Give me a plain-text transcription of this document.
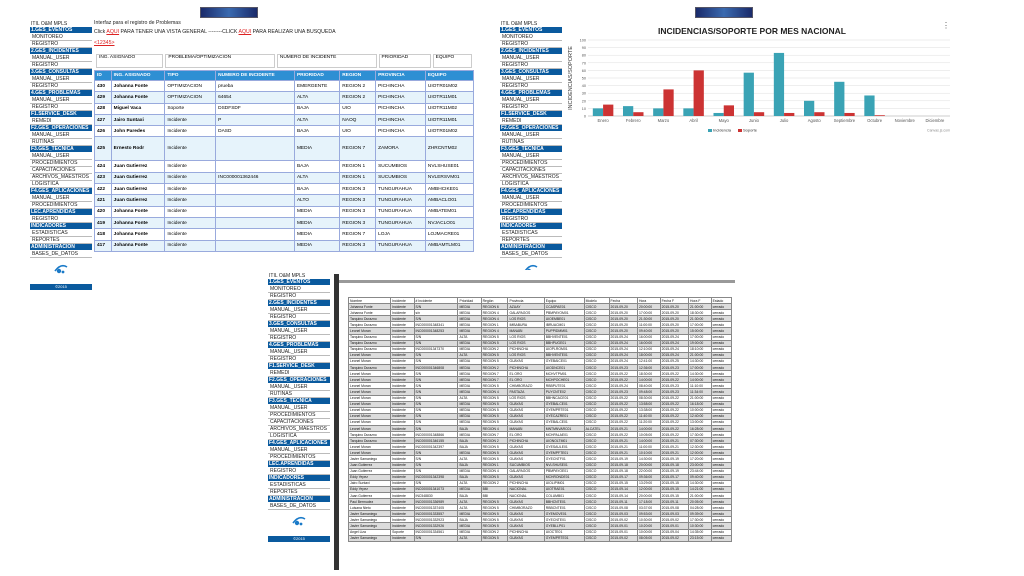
ITIL O&M MPLS
1.GES_EVENTOS
MONITOREO
REGISTRO
2.GES_INCIDENTES
MANUAL_USER
REGISTRO
3.GES_CONSULTAS
MANUAL_USER
REGISTRO
4.GES_PROBLEMAS
MANUAL_USER
REGISTRO
F1.SERVICE_DESK
REMEDI
F2.GES_OPERACIONES
MANUAL_USER
RUTINAS
F3.GES_TECNICA
MANUAL_USER
PROCEDIMIENTOS
CAPACITACIONES
ARCHIVOS_MAESTROS
LOGISTICA
F4.GES_APLICACIONES
MANUAL_USER
PROCEDIMIENTOS
LEC.APRENDIDAS
REGISTRO
INDICADORES
ESTADISTICAS
REPORTES
ADMINISTRACION
BASES_DE_DATOS
©2015
Interfaz para el registro de Problemas
Click AQUI PARA TENER UNA VISTA GENERAL --------CLICK AQUI PARA REALIZAR UNA BUSQUEDA
<12345>
ING. ASIGNADO	PROBLEMA/OPTIMIZACION	NUMERO DE INCIDENTE	PRIORIDAD	EQUIPO
ID	ING. ASIGNADO	TIPO	NUMERO DE INCIDENTE	PRIORIDAD	REGION	PROVINCIA	EQUIPO
430	Johanna Fonte	OPTIMIZACION	prueba	EMERGENTE	REGION 2	PICHINCHA	UIOTR01M02
429	Johanna Fonte	OPTIMIZACION	64654	ALTA	REGION 2	PICHINCHA	UIOTR11M01
428	Miguel Vaca	Soporte	DSDFSDF	BAJA	UIO	PICHINCHA	UIOTR11M02
427	Jairo Suntaxi	Incidente	P	ALTA	NAOQ	PICHINCHA	UIOTR11M01
426	John Paredes	Incidente	DASD	BAJA	UIO	PICHINCHA	UIOTR01M02
425	Ernesto Rodr	Incidente		MEDIA	REGION 7	ZAMORA	ZHRCNTM02
424	Juan Gutierrez	Incidente		BAJA	REGION 1	SUCUMBIOS	NVLSHUSE01
423	Juan Gutierrez	Incidente	INC000001362446	ALTA	REGION 1	SUCUMBIOS	NVLERSVM01
422	Juan Gutierrez	Incidente		BAJA	REGION 3	TUNGURAHUA	AMBHCIKE01
421	Juan Gutierrez	Incidente		ALTO	REGION 3	TUNGURAHUA	AMBACLO01
420	Johanna Fonte	Incidente		MEDIA	REGION 3	TUNGURAHUA	AMBATEM01
419	Johanna Fonte	Incidente		MEDIA	REGION 3	TUNGURAHUA	NVJACLO01
418	Johanna Fonte	Incidente		MEDIA	REGION 7	LOJA	LOJMACRE01
417	Johanna Fonte	Incidente		MEDIA	REGION 3	TUNGURAHUA	AMBAMTLM01
ITIL O&M MPLS
1.GES_EVENTOS
MONITOREO
REGISTRO
2.GES_INCIDENTES
MANUAL_USER
REGISTRO
3.GES_CONSULTAS
MANUAL_USER
REGISTRO
4.GES_PROBLEMAS
MANUAL_USER
REGISTRO
F1.SERVICE_DESK
REMEDI
F2.GES_OPERACIONES
MANUAL_USER
RUTINAS
F3.GES_TECNICA
MANUAL_USER
PROCEDIMIENTOS
CAPACITACIONES
ARCHIVOS_MAESTROS
LOGISTICA
F4.GES_APLICACIONES
MANUAL_USER
PROCEDIMIENTOS
LEC.APRENDIDAS
REGISTRO
INDICADORES
ESTADISTICAS
REPORTES
ADMINISTRACION
BASES_DE_DATOS
INCIDENCIAS/SOPORTE POR MES NACIONAL
⋮
INCIDENCIAS/SOPORTE
0
10
20
30
40
50
60
70
80
90
100
Enero	Febrero	Marzo	Abril	Mayo	Junio	Julio	Agosto	Septiembre	Octubre	Noviembre	Diciembre
Incidencia	Soporte	Canvas.js.com
ITIL O&M MPLS
1.GES_EVENTOS
MONITOREO
REGISTRO
2.GES_INCIDENTES
MANUAL_USER
REGISTRO
3.GES_CONSULTAS
MANUAL_USER
REGISTRO
4.GES_PROBLEMAS
MANUAL_USER
REGISTRO
F1.SERVICE_DESK
REMEDI
F2.GES_OPERACIONES
MANUAL_USER
RUTINAS
F3.GES_TECNICA
MANUAL_USER
PROCEDIMIENTOS
CAPACITACIONES
ARCHIVOS_MAESTROS
LOGISTICA
F4.GES_APLICACIONES
MANUAL_USER
PROCEDIMIENTOS
LEC.APRENDIDAS
REGISTRO
INDICADORES
ESTADISTICAS
REPORTES
ADMINISTRACION
BASES_DE_DATOS
©2015
Nombre	Incidente	# Incidente	Prioridad	Región	Provincia	Equipo	Modelo	Fecha	Hora	Fecha F	Hora F	Estado
Johanna Fonte	Incidente	S/N	MEDIA	REGION 6	AZUAY	CCASPAE01	CISCO	2015-09-20	20:00:00	2015-09-20	21:00:00	cerrado
Johanna Fonte	Incidente	s/n	MEDIA	REGION 4	GALAPAGOS	PBMPAYOM01	CISCO	2015-09-20	17:00:00	2015-09-20	18:30:00	cerrado
Tarquino Durazno	Incidente	S/N	MEDIA	REGION 4	LOS RIOS	UIOEMBE01	CISCO	2015-09-20	21:30:00	2015-09-20	21:30:00	cerrado
Tarquino Durazno	Incidente	INC000001348341	MEDIA	REGION 1	IMBABURA	IBRUACM01	CISCO	2015-09-20	11:00:00	2015-09-20	17:00:00	cerrado
Leonel Moran	Incidente	INC000001348253	MEDIA	REGION 4	MANABI	PUPPIDMM01	CISCO	2015-09-20	09:40:00	2015-09-20	15:00:00	cerrado
Tarquino Durazno	Incidente	S/N	ALTA	REGION 5	LOS RIOS	BBHVENTE01	CISCO	2015-09-24	16:00:00	2015-09-24	17:00:00	cerrado
Tarquino Durazno	Incidente	S/N	MEDIA	REGION 5	LOS RIOS	BBHPUGE01	CISCO	2015-09-24	16:00:00	2015-09-24	19:00:00	cerrado
Tarquino Durazno	Incidente	INC000001347370	MEDIA	REGION 2	PICHINCHA	UIOPLROM01	CISCO	2015-09-24	12:10:00	2015-09-24	18:10:00	cerrado
Leonel Moran	Incidente	S/N	ALTA	REGION 5	LOS RIOS	BBHVENTE01	CISCO	2015-09-24	18:00:00	2015-09-24	21:00:00	cerrado
Leonel Moran	Incidente	S/N	MEDIA	REGION 5	GUAYAS	GYEBAICE01	CISCO	2015-09-24	12:41:00	2015-09-25	14:30:00	cerrado
Tarquino Durazno	Incidente	INC000001346808	MEDIA	REGION 2	PICHINCHA	UIODNCE01	CISCO	2015-09-23	12:36:00	2015-09-23	17:00:00	cerrado
Leonel Moran	Incidente	S/N	MEDIA	REGION 7	EL ORO	MCHVTPM01	CISCO	2015-09-22	18:30:00	2015-09-22	14:30:00	cerrado
Leonel Moran	Incidente	S/N	MEDIA	REGION 7	EL ORO	MCHPOCHE01	CISCO	2015-09-22	14:00:00	2015-09-22	14:00:00	cerrado
Leonel Moran	Incidente	S/N	MEDIA	REGION 5	CHIMBORAZO	RBBPUTE01	CISCO	2015-09-24	08:40:00	2015-09-23	11:10:00	cerrado
Leonel Moran	Incidente	S/N	MEDIA	REGION 4	PASTAZA	PUYCNTE02	CISCO	2015-09-23	09:48:00	2015-09-23	11:34:00	cerrado
Leonel Moran	Incidente	S/N	ALTA	REGION 5	LOS RIOS	BBHNCACE01	CISCO	2015-09-22	08:30:00	2015-09-22	21:00:00	cerrado
Leonel Moran	Incidente	S/N	MEDIA	REGION 5	GUAYAS	GYEBALCE01	CISCO	2015-09-22	13:58:00	2015-09-22	16:18:00	cerrado
Leonel Moran	Incidente	S/N	MEDIA	REGION 5	GUAYAS	GYEMPRTE01	CISCO	2015-09-22	13:38:00	2015-09-22	10:00:00	cerrado
Leonel Moran	Incidente	S/N	MEDIA	REGION 5	GUAYAS	GYECAZRE01	CISCO	2015-09-22	11:40:00	2015-09-22	12:40:00	cerrado
Leonel Moran	Incidente	S/N	MEDIA	REGION 5	GUAYAS	GYEBALCE01	CISCO	2015-09-22	11:20:00	2015-09-22	13:00:00	cerrado
Leonel Moran	Incidente	S/N	BAJA	REGION 4	MANABI	MNTMNVARC01	ALCATEL	2015-09-21	14:00:00	2015-09-22	16:28:00	cerrado
Tarquino Durazno	Incidente	INC000001348866	MEDIA	REGION 7	EL ORO	MCHPALAE01	CISCO	2015-09-22	10:05:00	2015-09-22	17:30:00	cerrado
Tarquino Durazno	Incidente	INC000001346155	BAJA	REGION 2	PICHINCHA	UIONOLTM01	CISCO	2015-09-21	14:00:00	2015-09-21	07:30:00	cerrado
Leonel Moran	Incidente	INC000001342397	BAJA	REGION 5	GUAYAS	GYESAULE01	CISCO	2015-09-21	11:00:00	2015-09-21	12:30:00	cerrado
Leonel Moran	Incidente	S/N	MEDIA	REGION 5	GUAYAS	GYEMPFTE01	CISCO	2015-09-21	10:10:00	2015-09-21	12:00:00	cerrado
Javier Samaniego	Incidente	S/N	ALTA	REGION 5	GUAYAS	GYECNTF01	CISCO	2015-09-19	14:30:00	2015-09-19	17:20:00	cerrado
Juan Gutierrez	Incidente	S/N	BAJA	REGION 1	SUCUMBIOS	NVLSHUSE01	CISCO	2015-09-18	20:00:00	2015-09-18	23:00:00	cerrado
Juan Gutierrez	Incidente	S/N	MEDIA	REGION 4	GALAPAGOS	PBMPAYOE01	CISCO	2015-09-18	22:00:00	2015-09-19	23:44:00	cerrado
Eddy Yepez	Incidente	INC000001342398	BAJA	REGION 5	GUAYAS	MCHRONDE01	CISCO	2015-09-17	09:36:00	2015-09-17	09:40:00	cerrado
Jairo Suntaxi	Incidente	S/N	ALTA	REGION 2	PICHINCHA	UIOLIPIM01	CISCO	2015-09-15	13:29:00	2015-09-15	14:30:00	cerrado
Eddy Yepez	Incidente	INC000001341073	MEDIA	BBI	NACIONAL	UIOTRAE01	CISCO	2015-09-14	12:00:00	2015-09-15	14:21:00	cerrado
Juan Gutierrez	Incidente	INC548830	BAJA	BBI	NACIONAL	COLUMB01	CISCO	2015-09-14	20:00:00	2015-09-15	21:00:00	cerrado
Paul Bermudez	Incidente	INC000001336989	ALTA	REGION 5	GUAYAS	BBHCNTE01	CISCO	2015-09-11	17:18:00	2015-09-11	20:05:00	cerrado
Luisana Nieto	Incidente	INC000001337405	ALTA	REGION 5	CHIMBORAZO	RBBCNTE01	CISCO	2015-09-08	03:37:00	2015-09-08	04:28:00	cerrado
Javier Samaniego	Incidente	INC000001333557	MEDIA	REGION 5	GUAYAS	GYEMOVE01	CISCO	2015-09-03	09:53:00	2015-09-03	09:39:00	cerrado
Javier Samaniego	Incidente	INC000001332923	BAJA	REGION 5	GUAYAS	GYECNTE01	CISCO	2015-09-02	10:30:00	2015-09-02	17:30:00	cerrado
Javier Samaniego	Incidente	INC000001332926	MEDIA	REGION 5	GUAYAS	GYEBLLP01	CISCO	2015-09-01	10:20:00	2015-09-01	10:30:00	cerrado
Angel Liza	Soporte	INC000001334561	MEDIA	REGION 2	PICHINCHA	UIOCTE01	CISCO	2015-09-01	10:00:00	2015-09-04	14:35:00	cerrado
Javier Samaniego	Incidente	S/N	ALTA	REGION 5	GUAYAS	GYEMPRTE01	CISCO	2015-09-02	08:05:00	2015-09-02	23:15:00	cerrado
